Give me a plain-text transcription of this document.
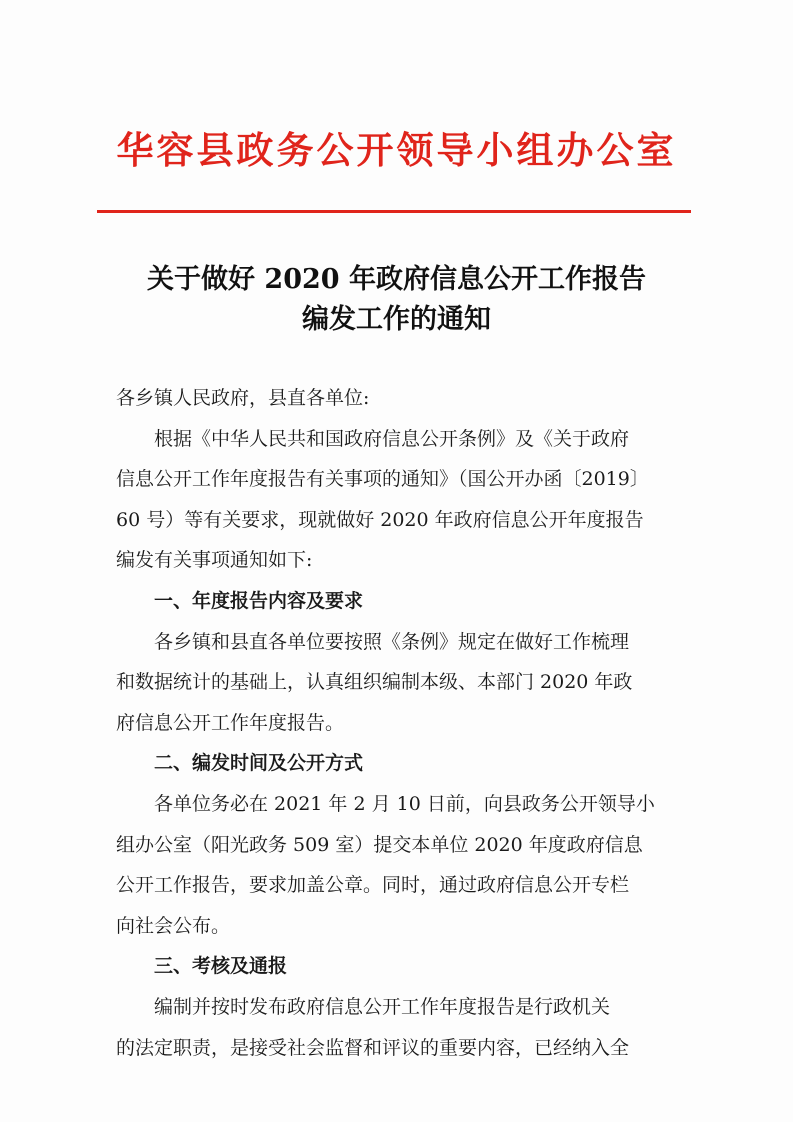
华容县政务公开领导小组办公室
关于做好 2020 年政府信息公开工作报告
编发工作的通知
各乡镇人民政府，县直各单位:
根据《中华人民共和国政府信息公开条例》及《关于政府
信息公开工作年度报告有关事项的通知》（国公开办函〔2019〕
60 号）等有关要求，现就做好 2020 年政府信息公开年度报告
编发有关事项通知如下:
一、年度报告内容及要求
各乡镇和县直各单位要按照《条例》规定在做好工作梳理
和数据统计的基础上，认真组织编制本级、本部门 2020 年政
府信息公开工作年度报告。
二、编发时间及公开方式
各单位务必在 2021 年 2 月 10 日前，向县政务公开领导小
组办公室（阳光政务 509 室）提交本单位 2020 年度政府信息
公开工作报告，要求加盖公章。同时，通过政府信息公开专栏
向社会公布。
三、考核及通报
编制并按时发布政府信息公开工作年度报告是行政机关
的法定职责，是接受社会监督和评议的重要内容，已经纳入全
